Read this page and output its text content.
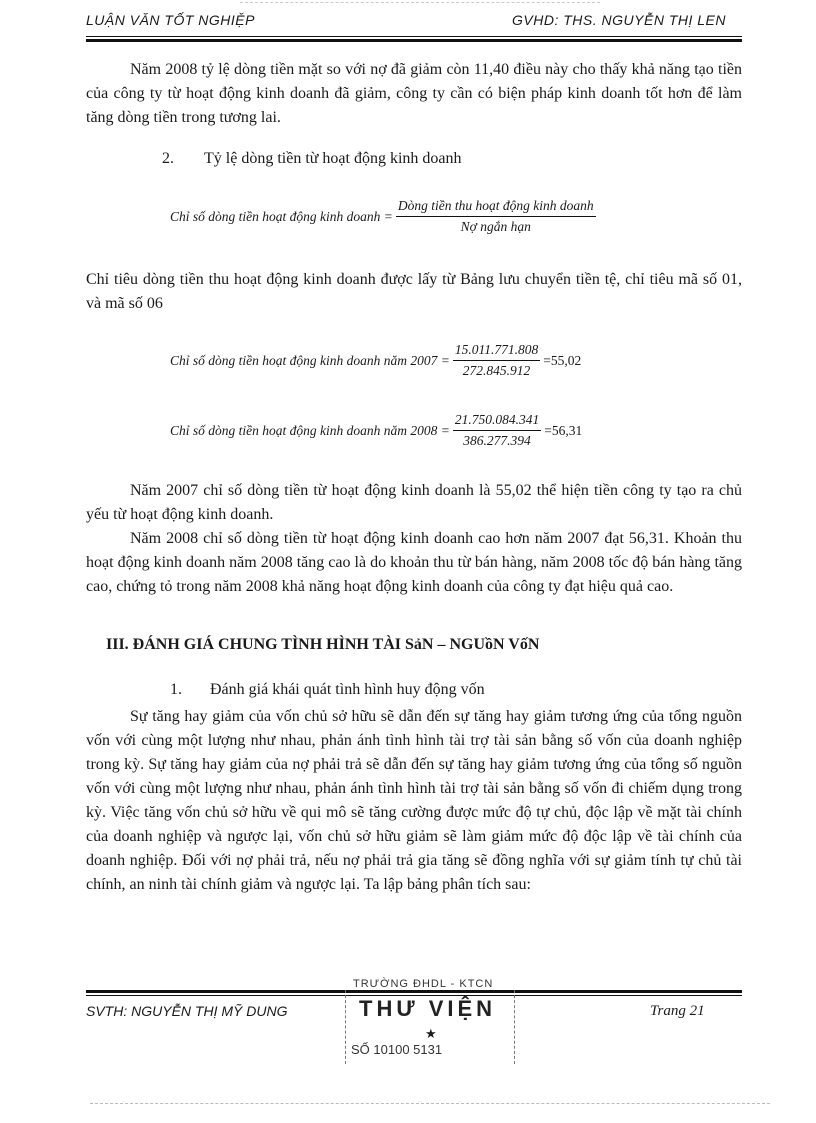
LUẬN VĂN TỐT NGHIỆP	GVHD: THS. NGUYỄN THỊ LEN
Năm 2008 tỷ lệ dòng tiền mặt so với nợ đã giảm còn 11,40 điều này cho thấy khả năng tạo tiền của công ty từ hoạt động kinh doanh đã giảm, công ty cần có biện pháp kinh doanh tốt hơn để làm tăng dòng tiền trong tương lai.
2. Tỷ lệ dòng tiền từ hoạt động kinh doanh
Chỉ số dòng tiền hoạt động kinh doanh = $\frac{\text{Dòng tiền thu hoạt động kinh doanh}}{\text{Nợ ngắn hạn}}$
Chỉ tiêu dòng tiền thu hoạt động kinh doanh được lấy từ Bảng lưu chuyển tiền tệ, chỉ tiêu mã số 01, và mã số 06
Chỉ số dòng tiền hoạt động kinh doanh năm $2007 = \frac{15.011.771.808}{272.845.912} =55,02$
Chỉ số dòng tiền hoạt động kinh doanh năm $2008 = \frac{21.750.084.341}{386.277.394} =56,31$
Năm 2007 chỉ số dòng tiền từ hoạt động kinh doanh là 55,02 thể hiện tiền công ty tạo ra chủ yếu từ hoạt động kinh doanh.
Năm 2008 chỉ số dòng tiền từ hoạt động kinh doanh cao hơn năm 2007 đạt 56,31. Khoản thu hoạt động kinh doanh năm 2008 tăng cao là do khoản thu từ bán hàng, năm 2008 tốc độ bán hàng tăng cao, chứng tỏ trong năm 2008 khả năng hoạt động kinh doanh của công ty đạt hiệu quả cao.
III. ĐÁNH GIÁ CHUNG TÌNH HÌNH TÀI SảN – NGUồN VốN
1. Đánh giá khái quát tình hình huy động vốn
Sự tăng hay giảm của vốn chủ sở hữu sẽ dẫn đến sự tăng hay giảm tương ứng của tổng nguồn vốn với cùng một lượng như nhau, phản ánh tình hình tài trợ tài sản bằng số vốn của doanh nghiệp trong kỳ. Sự tăng hay giảm của nợ phải trả sẽ dẫn đến sự tăng hay giảm tương ứng của tổng số nguồn vốn với cùng một lượng như nhau, phản ánh tình hình tài trợ tài sản bằng số vốn đi chiếm dụng trong kỳ. Việc tăng vốn chủ sở hữu về qui mô sẽ tăng cường được mức độ tự chủ, độc lập về mặt tài chính của doanh nghiệp và ngược lại, vốn chủ sở hữu giảm sẽ làm giảm mức độ độc lập về tài chính của doanh nghiệp. Đối với nợ phải trả, nếu nợ phải trả gia tăng sẽ đồng nghĩa với sự giảm tính tự chủ tài chính, an ninh tài chính giảm và ngược lại. Ta lập bảng phân tích sau:
SVTH: NGUYỄN THỊ MỸ DUNG	Trang 21
TRƯỜNG ĐHDL - KTCN
THƯ VIỆN
★
SỐ 10100 5131
